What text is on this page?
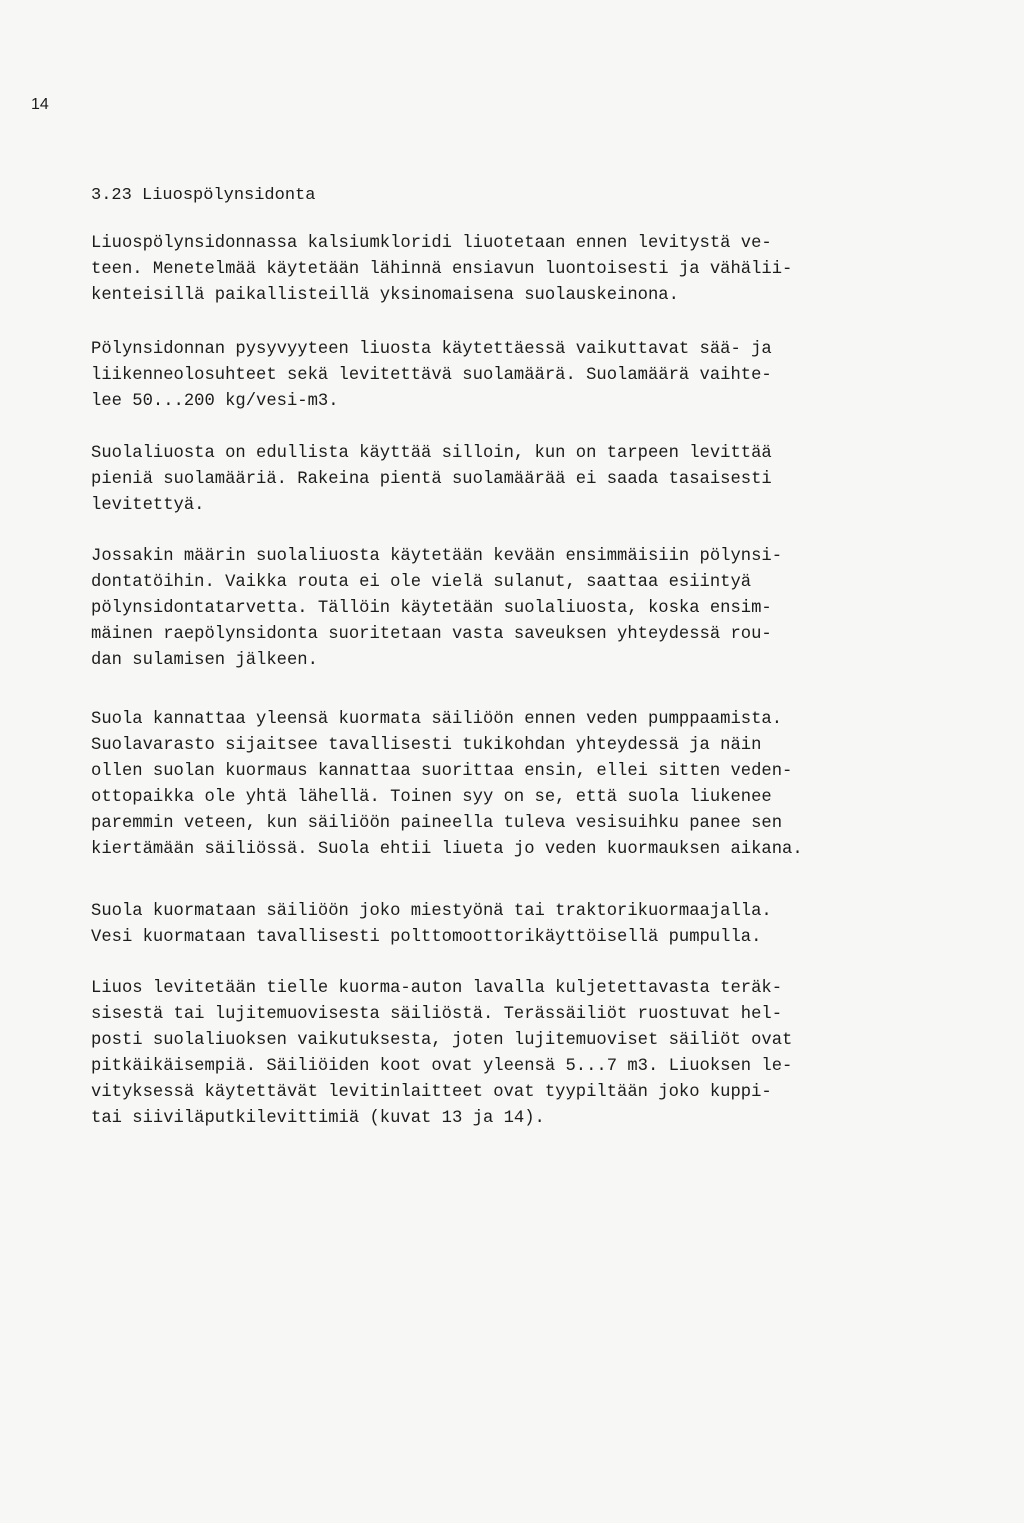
14

3.23 Liuospölynsidonta

Liuospölynsidonnassa kalsiumkloridi liuotetaan ennen levitystä ve-
teen. Menetelmää käytetään lähinnä ensiavun luontoisesti ja vähälii-
kenteisillä paikallisteillä yksinomaisena suolauskeinona.

Pölynsidonnan pysyvyyteen liuosta käytettäessä vaikuttavat sää- ja
liikenneolosuhteet sekä levitettävä suolamäärä. Suolamäärä vaihte-
lee 50...200 kg/vesi-m3.

Suolaliuosta on edullista käyttää silloin, kun on tarpeen levittää
pieniä suolamääriä. Rakeina pientä suolamäärää ei saada tasaisesti
levitettyä.

Jossakin määrin suolaliuosta käytetään kevään ensimmäisiin pölynsi-
dontatöihin. Vaikka routa ei ole vielä sulanut, saattaa esiintyä
pölynsidontatarvetta. Tällöin käytetään suolaliuosta, koska ensim-
mäinen raepölynsidonta suoritetaan vasta saveuksen yhteydessä rou-
dan sulamisen jälkeen.

Suola kannattaa yleensä kuormata säiliöön ennen veden pumppaamista.
Suolavarasto sijaitsee tavallisesti tukikohdan yhteydessä ja näin
ollen suolan kuormaus kannattaa suorittaa ensin, ellei sitten veden-
ottopaikka ole yhtä lähellä. Toinen syy on se, että suola liukenee
paremmin veteen, kun säiliöön paineella tuleva vesisuihku panee sen
kiertämään säiliössä. Suola ehtii liueta jo veden kuormauksen aikana.

Suola kuormataan säiliöön joko miestyönä tai traktorikuormaajalla.
Vesi kuormataan tavallisesti polttomoottorikäyttöisellä pumpulla.

Liuos levitetään tielle kuorma-auton lavalla kuljetettavasta teräk-
sisestä tai lujitemuovisesta säiliöstä. Terässäiliöt ruostuvat hel-
posti suolaliuoksen vaikutuksesta, joten lujitemuoviset säiliöt ovat
pitkäikäisempiä. Säiliöiden koot ovat yleensä 5...7 m3. Liuoksen le-
vityksessä käytettävät levitinlaitteet ovat tyypiltään joko kuppi-
tai siiviläputkilevittimiä (kuvat 13 ja 14).
